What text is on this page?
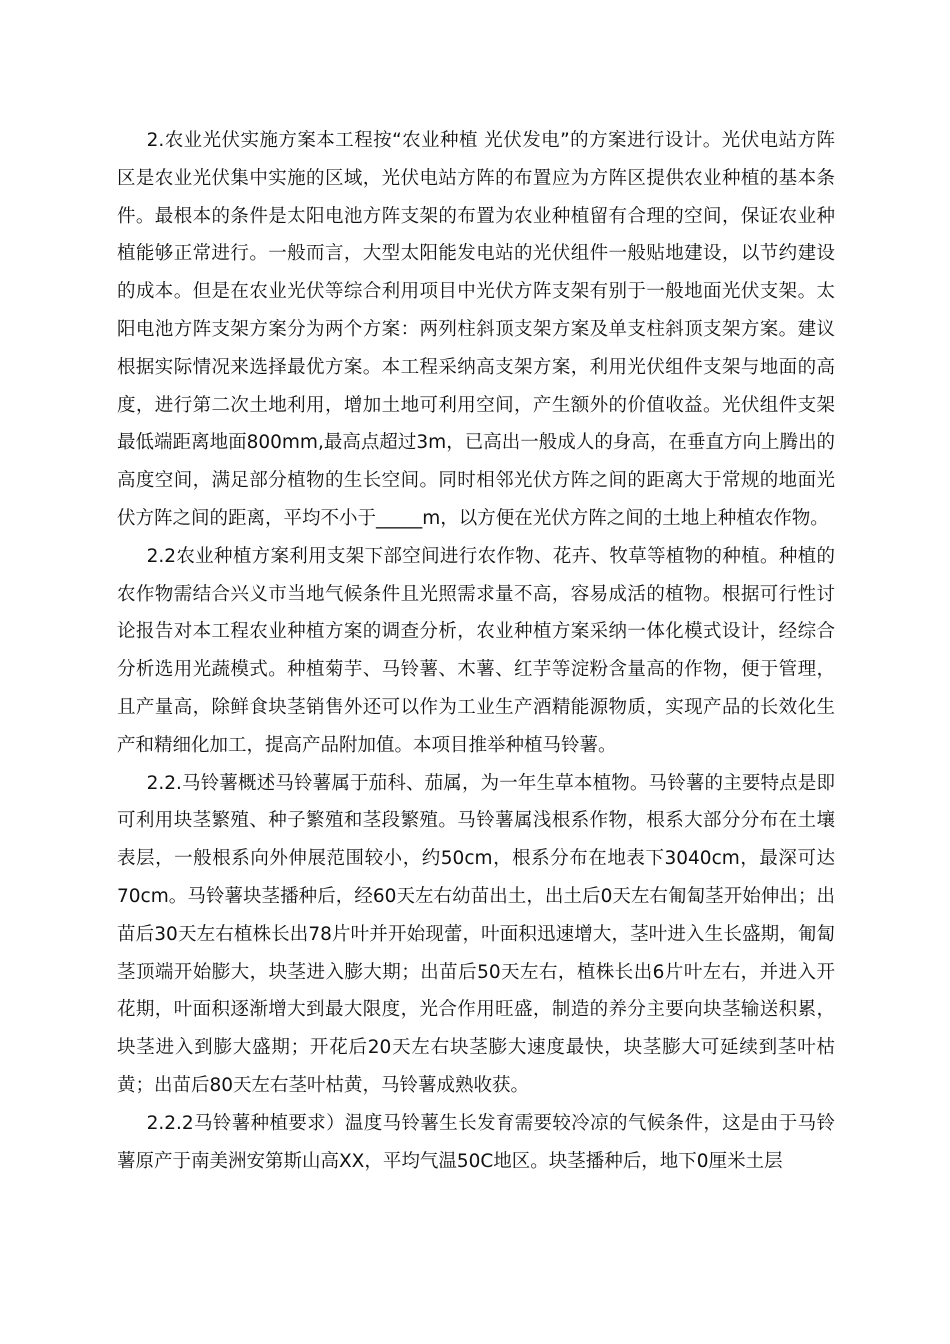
2.农业光伏实施方案本工程按“农业种植 光伏发电”的方案进行设计。光伏电站方阵区是农业光伏集中实施的区域，光伏电站方阵的布置应为方阵区提供农业种植的基本条件。最根本的条件是太阳电池方阵支架的布置为农业种植留有合理的空间，保证农业种植能够正常进行。一般而言，大型太阳能发电站的光伏组件一般贴地建设，以节约建设的成本。但是在农业光伏等综合利用项目中光伏方阵支架有别于一般地面光伏支架。太阳电池方阵支架方案分为两个方案：两列柱斜顶支架方案及单支柱斜顶支架方案。建议根据实际情况来选择最优方案。本工程采纳高支架方案，利用光伏组件支架与地面的高度，进行第二次土地利用，增加土地可利用空间，产生额外的价值收益。光伏组件支架最低端距离地面800mm,最高点超过3m，已高出一般成人的身高，在垂直方向上腾出的高度空间，满足部分植物的生长空间。同时相邻光伏方阵之间的距离大于常规的地面光伏方阵之间的距离，平均不小于_____m，以方便在光伏方阵之间的土地上种植农作物。

2.2农业种植方案利用支架下部空间进行农作物、花卉、牧草等植物的种植。种植的农作物需结合兴义市当地气候条件且光照需求量不高，容易成活的植物。根据可行性讨论报告对本工程农业种植方案的调查分析，农业种植方案采纳一体化模式设计，经综合分析选用光蔬模式。种植菊芋、马铃薯、木薯、红芋等淀粉含量高的作物，便于管理，且产量高，除鲜食块茎销售外还可以作为工业生产酒精能源物质，实现产品的长效化生产和精细化加工，提高产品附加值。本项目推举种植马铃薯。

2.2.马铃薯概述马铃薯属于茄科、茄属，为一年生草本植物。马铃薯的主要特点是即可利用块茎繁殖、种子繁殖和茎段繁殖。马铃薯属浅根系作物，根系大部分分布在土壤表层，一般根系向外伸展范围较小，约50cm，根系分布在地表下3040cm，最深可达70cm。马铃薯块茎播种后，经60天左右幼苗出土，出土后0天左右匍匐茎开始伸出；出苗后30天左右植株长出78片叶并开始现蕾，叶面积迅速增大，茎叶进入生长盛期，匍匐茎顶端开始膨大，块茎进入膨大期；出苗后50天左右，植株长出6片叶左右，并进入开花期，叶面积逐渐增大到最大限度，光合作用旺盛，制造的养分主要向块茎输送积累，块茎进入到膨大盛期；开花后20天左右块茎膨大速度最快，块茎膨大可延续到茎叶枯黄；出苗后80天左右茎叶枯黄，马铃薯成熟收获。

2.2.2马铃薯种植要求）温度马铃薯生长发育需要较冷凉的气候条件，这是由于马铃薯原产于南美洲安第斯山高XX，平均气温50C地区。块茎播种后，地下0厘米土层
